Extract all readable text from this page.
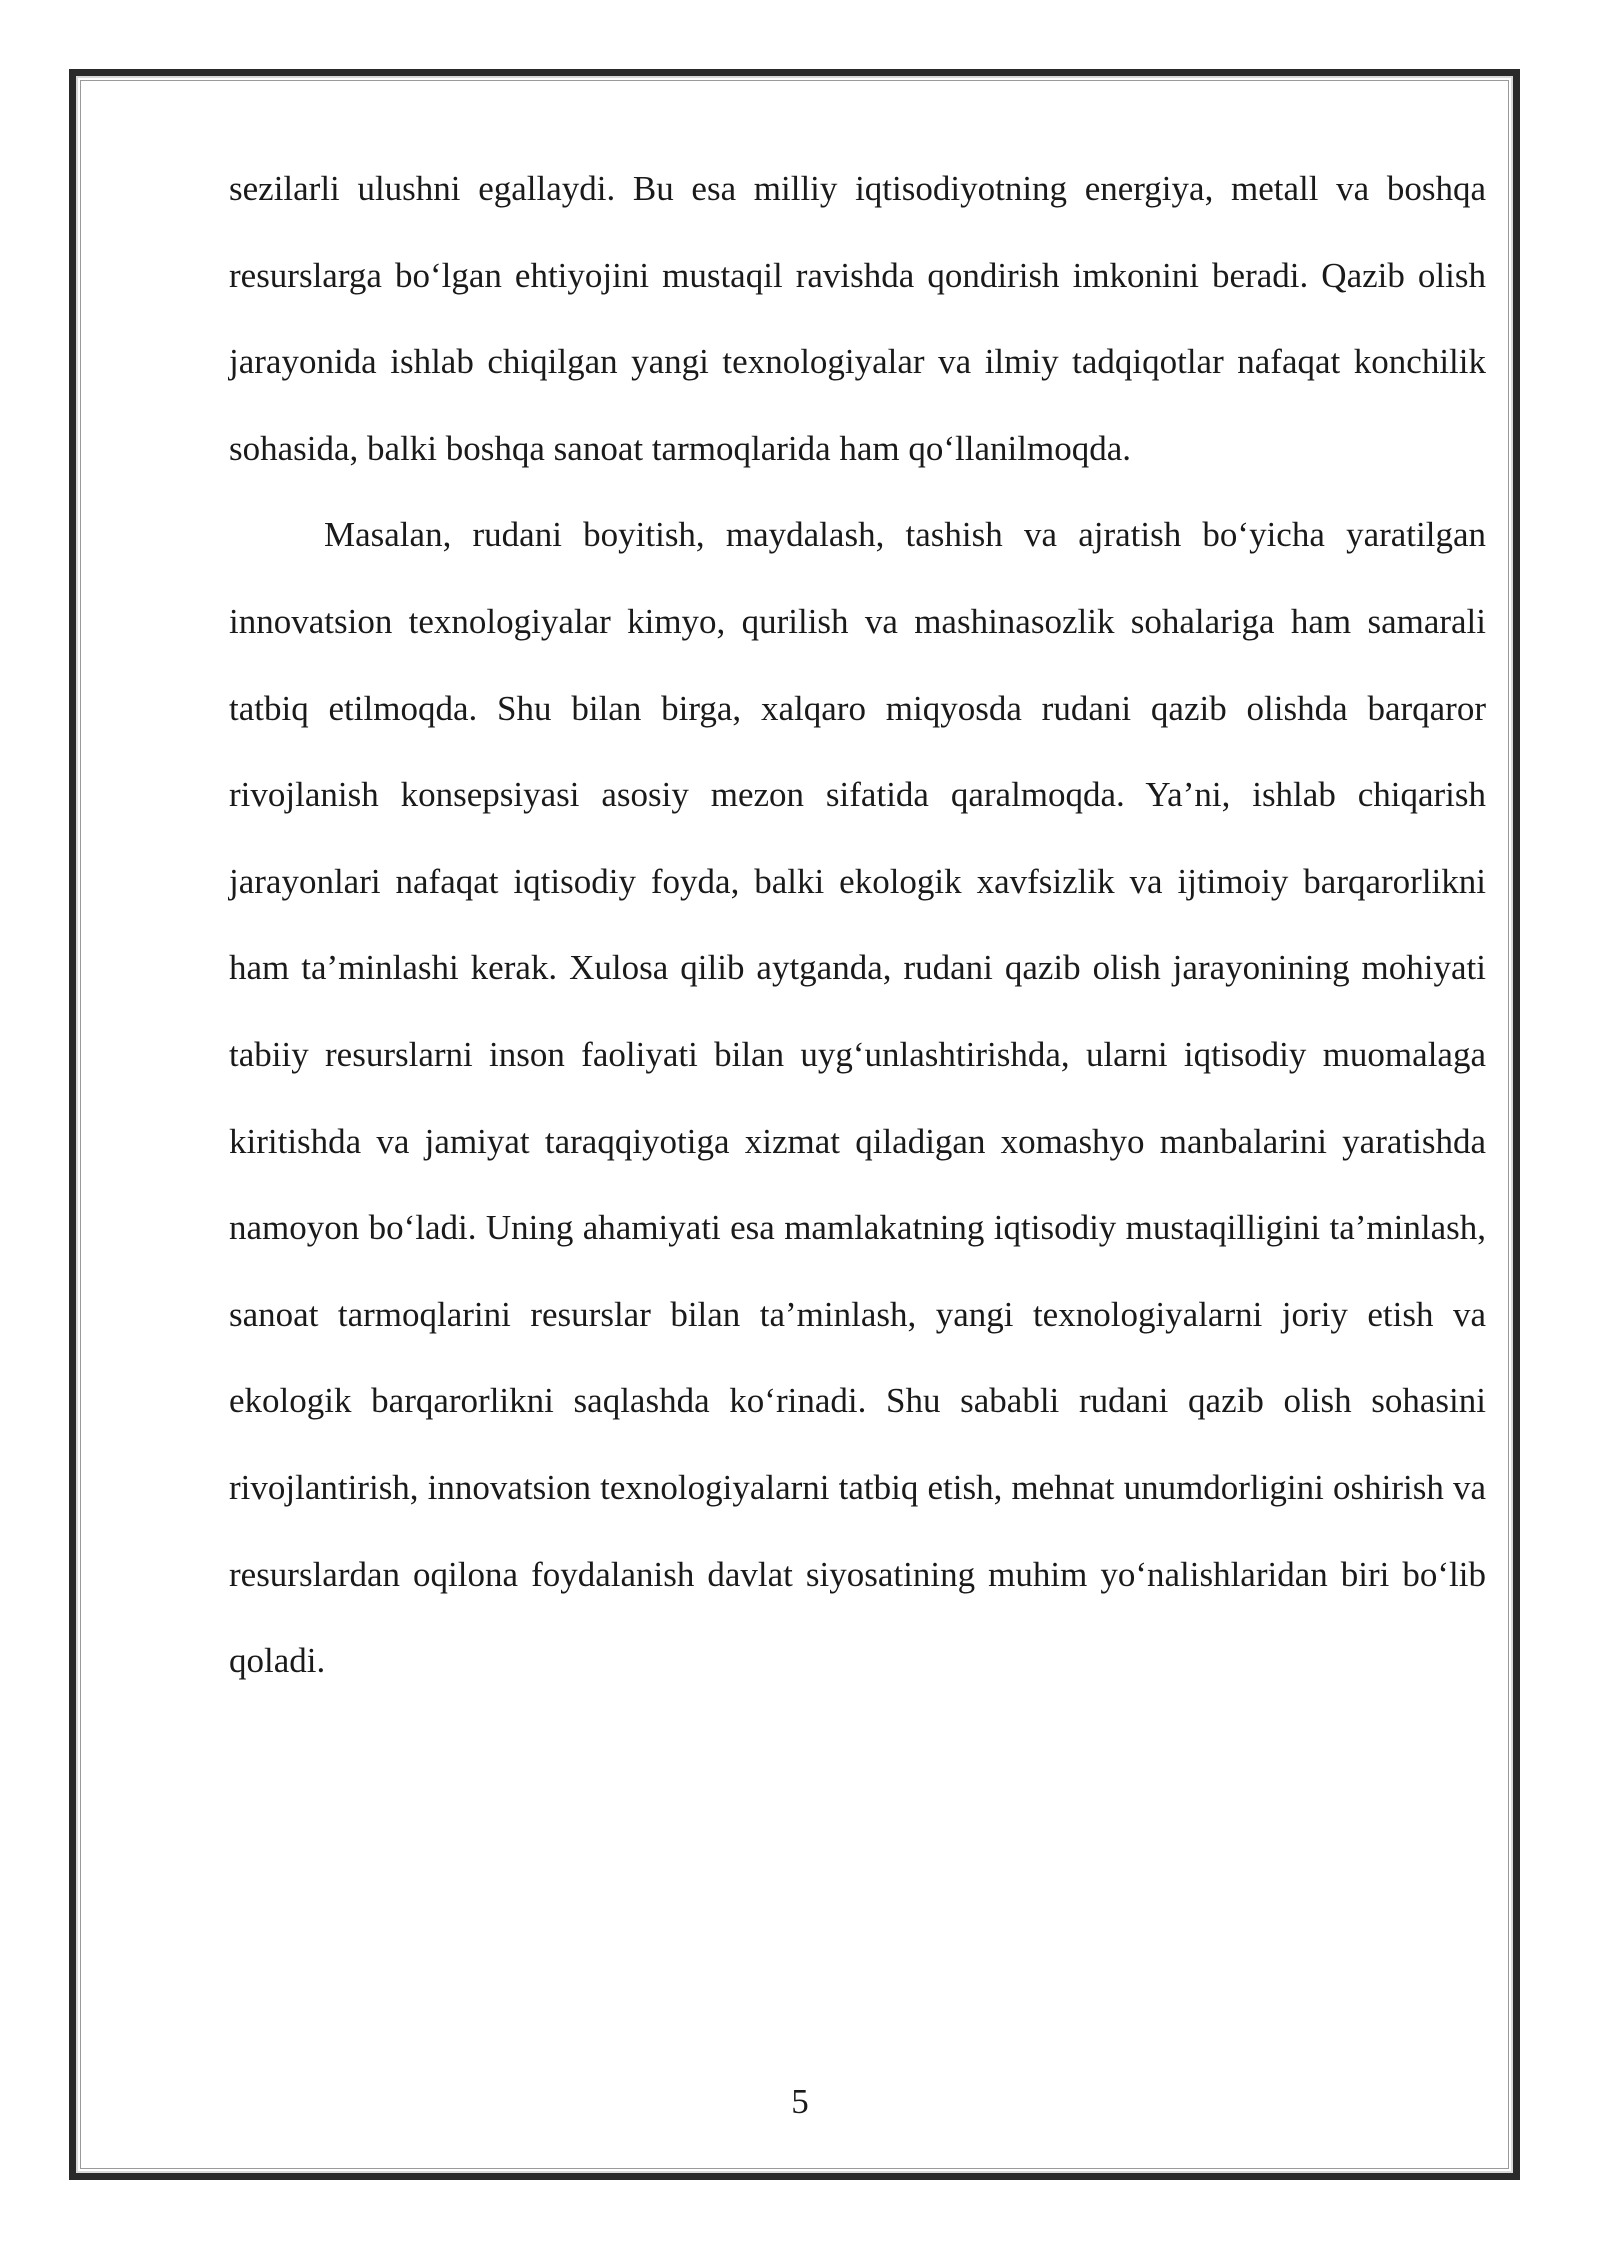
sezilarli ulushni egallaydi. Bu esa milliy iqtisodiyotning energiya, metall va boshqa resurslarga bo‘lgan ehtiyojini mustaqil ravishda qondirish imkonini beradi. Qazib olish jarayonida ishlab chiqilgan yangi texnologiyalar va ilmiy tadqiqotlar nafaqat konchilik sohasida, balki boshqa sanoat tarmoqlarida ham qo‘llanilmoqda.

Masalan, rudani boyitish, maydalash, tashish va ajratish bo‘yicha yaratilgan innovatsion texnologiyalar kimyo, qurilish va mashinasozlik sohalariga ham samarali tatbiq etilmoqda. Shu bilan birga, xalqaro miqyosda rudani qazib olishda barqaror rivojlanish konsepsiyasi asosiy mezon sifatida qaralmoqda. Ya’ni, ishlab chiqarish jarayonlari nafaqat iqtisodiy foyda, balki ekologik xavfsizlik va ijtimoiy barqarorlikni ham ta’minlashi kerak. Xulosa qilib aytganda, rudani qazib olish jarayonining mohiyati tabiiy resurslarni inson faoliyati bilan uyg‘unlashtirishda, ularni iqtisodiy muomalaga kiritishda va jamiyat taraqqiyotiga xizmat qiladigan xomashyo manbalarini yaratishda namoyon bo‘ladi. Uning ahamiyati esa mamlakatning iqtisodiy mustaqilligini ta’minlash, sanoat tarmoqlarini resurslar bilan ta’minlash, yangi texnologiyalarni joriy etish va ekologik barqarorlikni saqlashda ko‘rinadi. Shu sababli rudani qazib olish sohasini rivojlantirish, innovatsion texnologiyalarni tatbiq etish, mehnat unumdorligini oshirish va resurslardan oqilona foydalanish davlat siyosatining muhim yo‘nalishlaridan biri bo‘lib qoladi.

5
